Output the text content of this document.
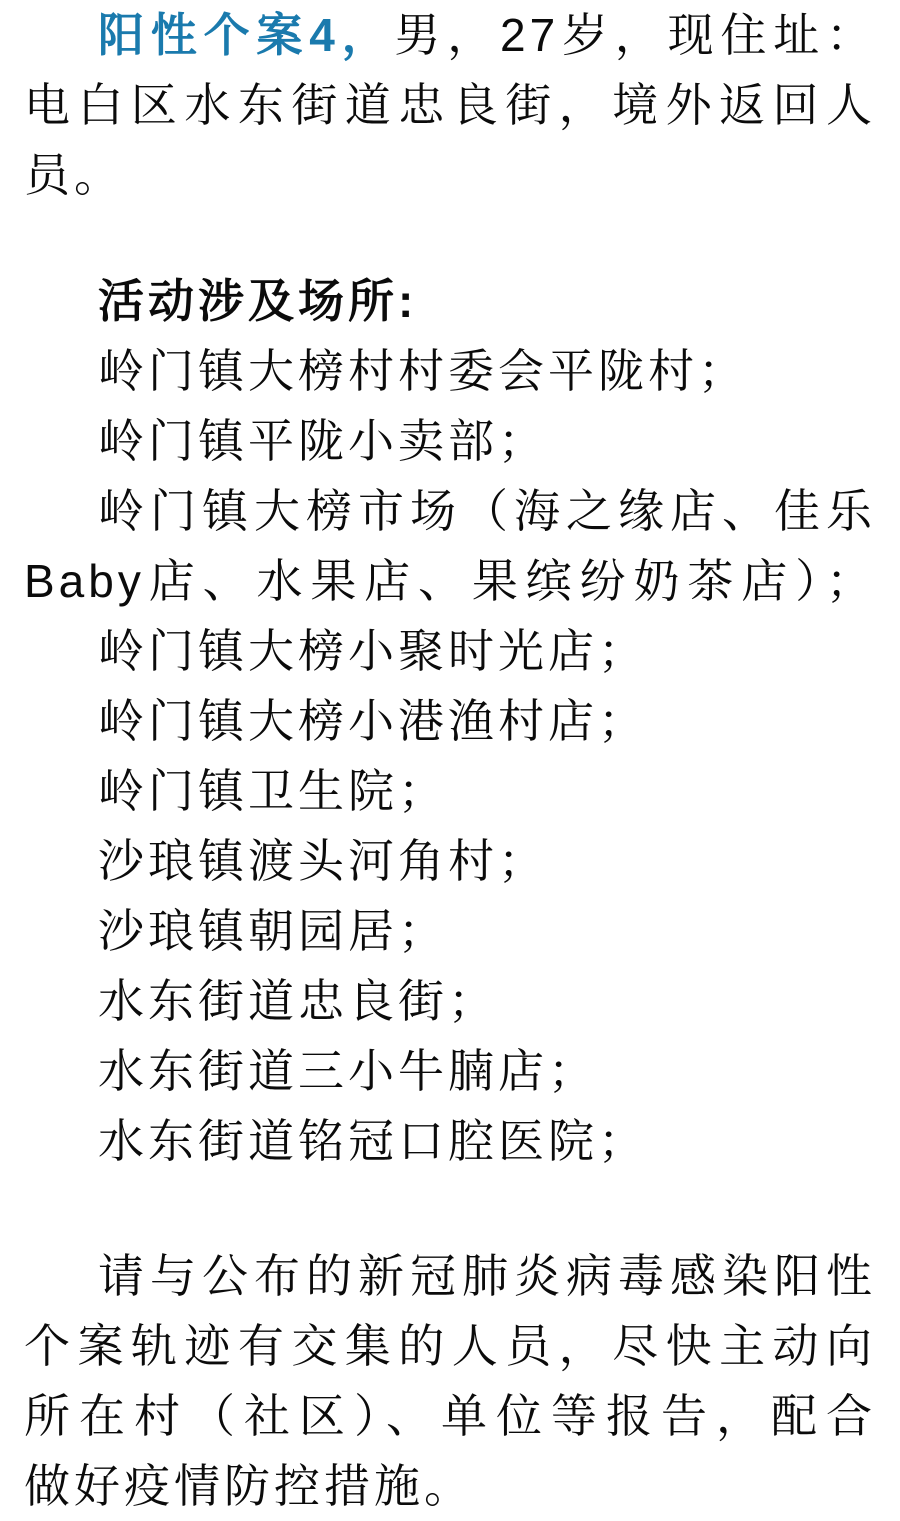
阳性个案4，男，27岁，现住址：
电白区水东街道忠良街，境外返回人
员。
活动涉及场所:
岭门镇大榜村村委会平陇村；
岭门镇平陇小卖部；
岭门镇大榜市场（海之缘店、佳乐
Baby店、水果店、果缤纷奶茶店）；
岭门镇大榜小聚时光店；
岭门镇大榜小港渔村店；
岭门镇卫生院；
沙琅镇渡头河角村；
沙琅镇朝园居；
水东街道忠良街；
水东街道三小牛腩店；
水东街道铭冠口腔医院；
请与公布的新冠肺炎病毒感染阳性
个案轨迹有交集的人员，尽快主动向
所在村（社区）、单位等报告，配合
做好疫情防控措施。
